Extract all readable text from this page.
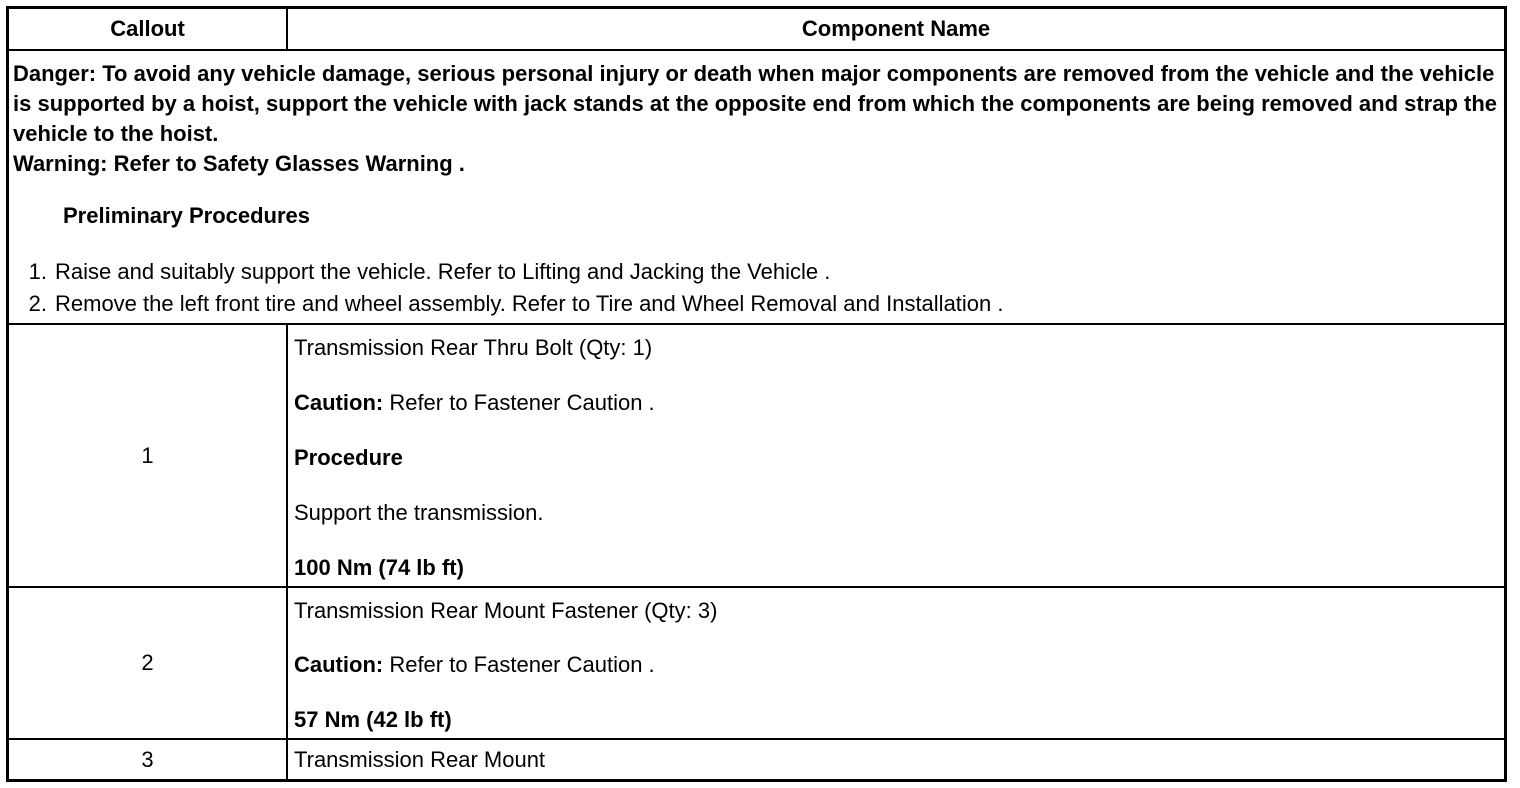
Callout	Component Name

Danger: To avoid any vehicle damage, serious personal injury or death when major components are removed from the vehicle and the vehicle is supported by a hoist, support the vehicle with jack stands at the opposite end from which the components are being removed and strap the vehicle to the hoist.

Warning: Refer to Safety Glasses Warning .

Preliminary Procedures
1. Raise and suitably support the vehicle. Refer to Lifting and Jacking the Vehicle .
2. Remove the left front tire and wheel assembly. Refer to Tire and Wheel Removal and Installation .
1
Transmission Rear Thru Bolt (Qty: 1)
Caution: Refer to Fastener Caution .
Procedure
Support the transmission.
100 Nm (74 lb ft)
2
Transmission Rear Mount Fastener (Qty: 3)
Caution: Refer to Fastener Caution .
57 Nm (42 lb ft)
3	Transmission Rear Mount
